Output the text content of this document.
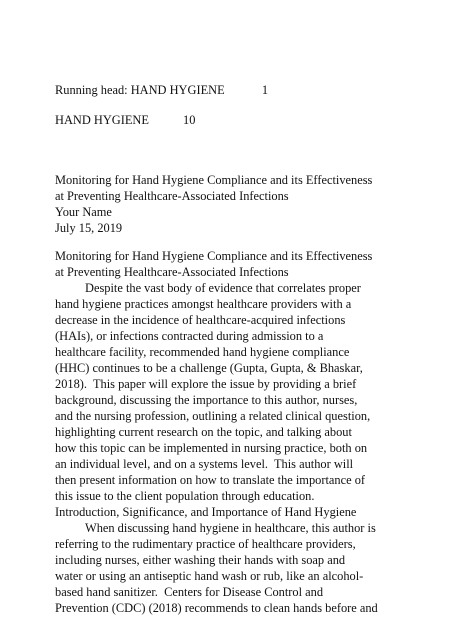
Running head: HAND HYGIENE            1
HAND HYGIENE           10
Monitoring for Hand Hygiene Compliance and its Effectiveness
at Preventing Healthcare-Associated Infections
Your Name
July 15, 2019
Monitoring for Hand Hygiene Compliance and its Effectiveness
at Preventing Healthcare-Associated Infections
Despite the vast body of evidence that correlates proper
hand hygiene practices amongst healthcare providers with a
decrease in the incidence of healthcare-acquired infections
(HAIs), or infections contracted during admission to a
healthcare facility, recommended hand hygiene compliance
(HHC) continues to be a challenge (Gupta, Gupta, & Bhaskar,
2018).  This paper will explore the issue by providing a brief
background, discussing the importance to this author, nurses,
and the nursing profession, outlining a related clinical question,
highlighting current research on the topic, and talking about
how this topic can be implemented in nursing practice, both on
an individual level, and on a systems level.  This author will
then present information on how to translate the importance of
this issue to the client population through education.
Introduction, Significance, and Importance of Hand Hygiene
When discussing hand hygiene in healthcare, this author is
referring to the rudimentary practice of healthcare providers,
including nurses, either washing their hands with soap and
water or using an antiseptic hand wash or rub, like an alcohol-
based hand sanitizer.  Centers for Disease Control and
Prevention (CDC) (2018) recommends to clean hands before and
